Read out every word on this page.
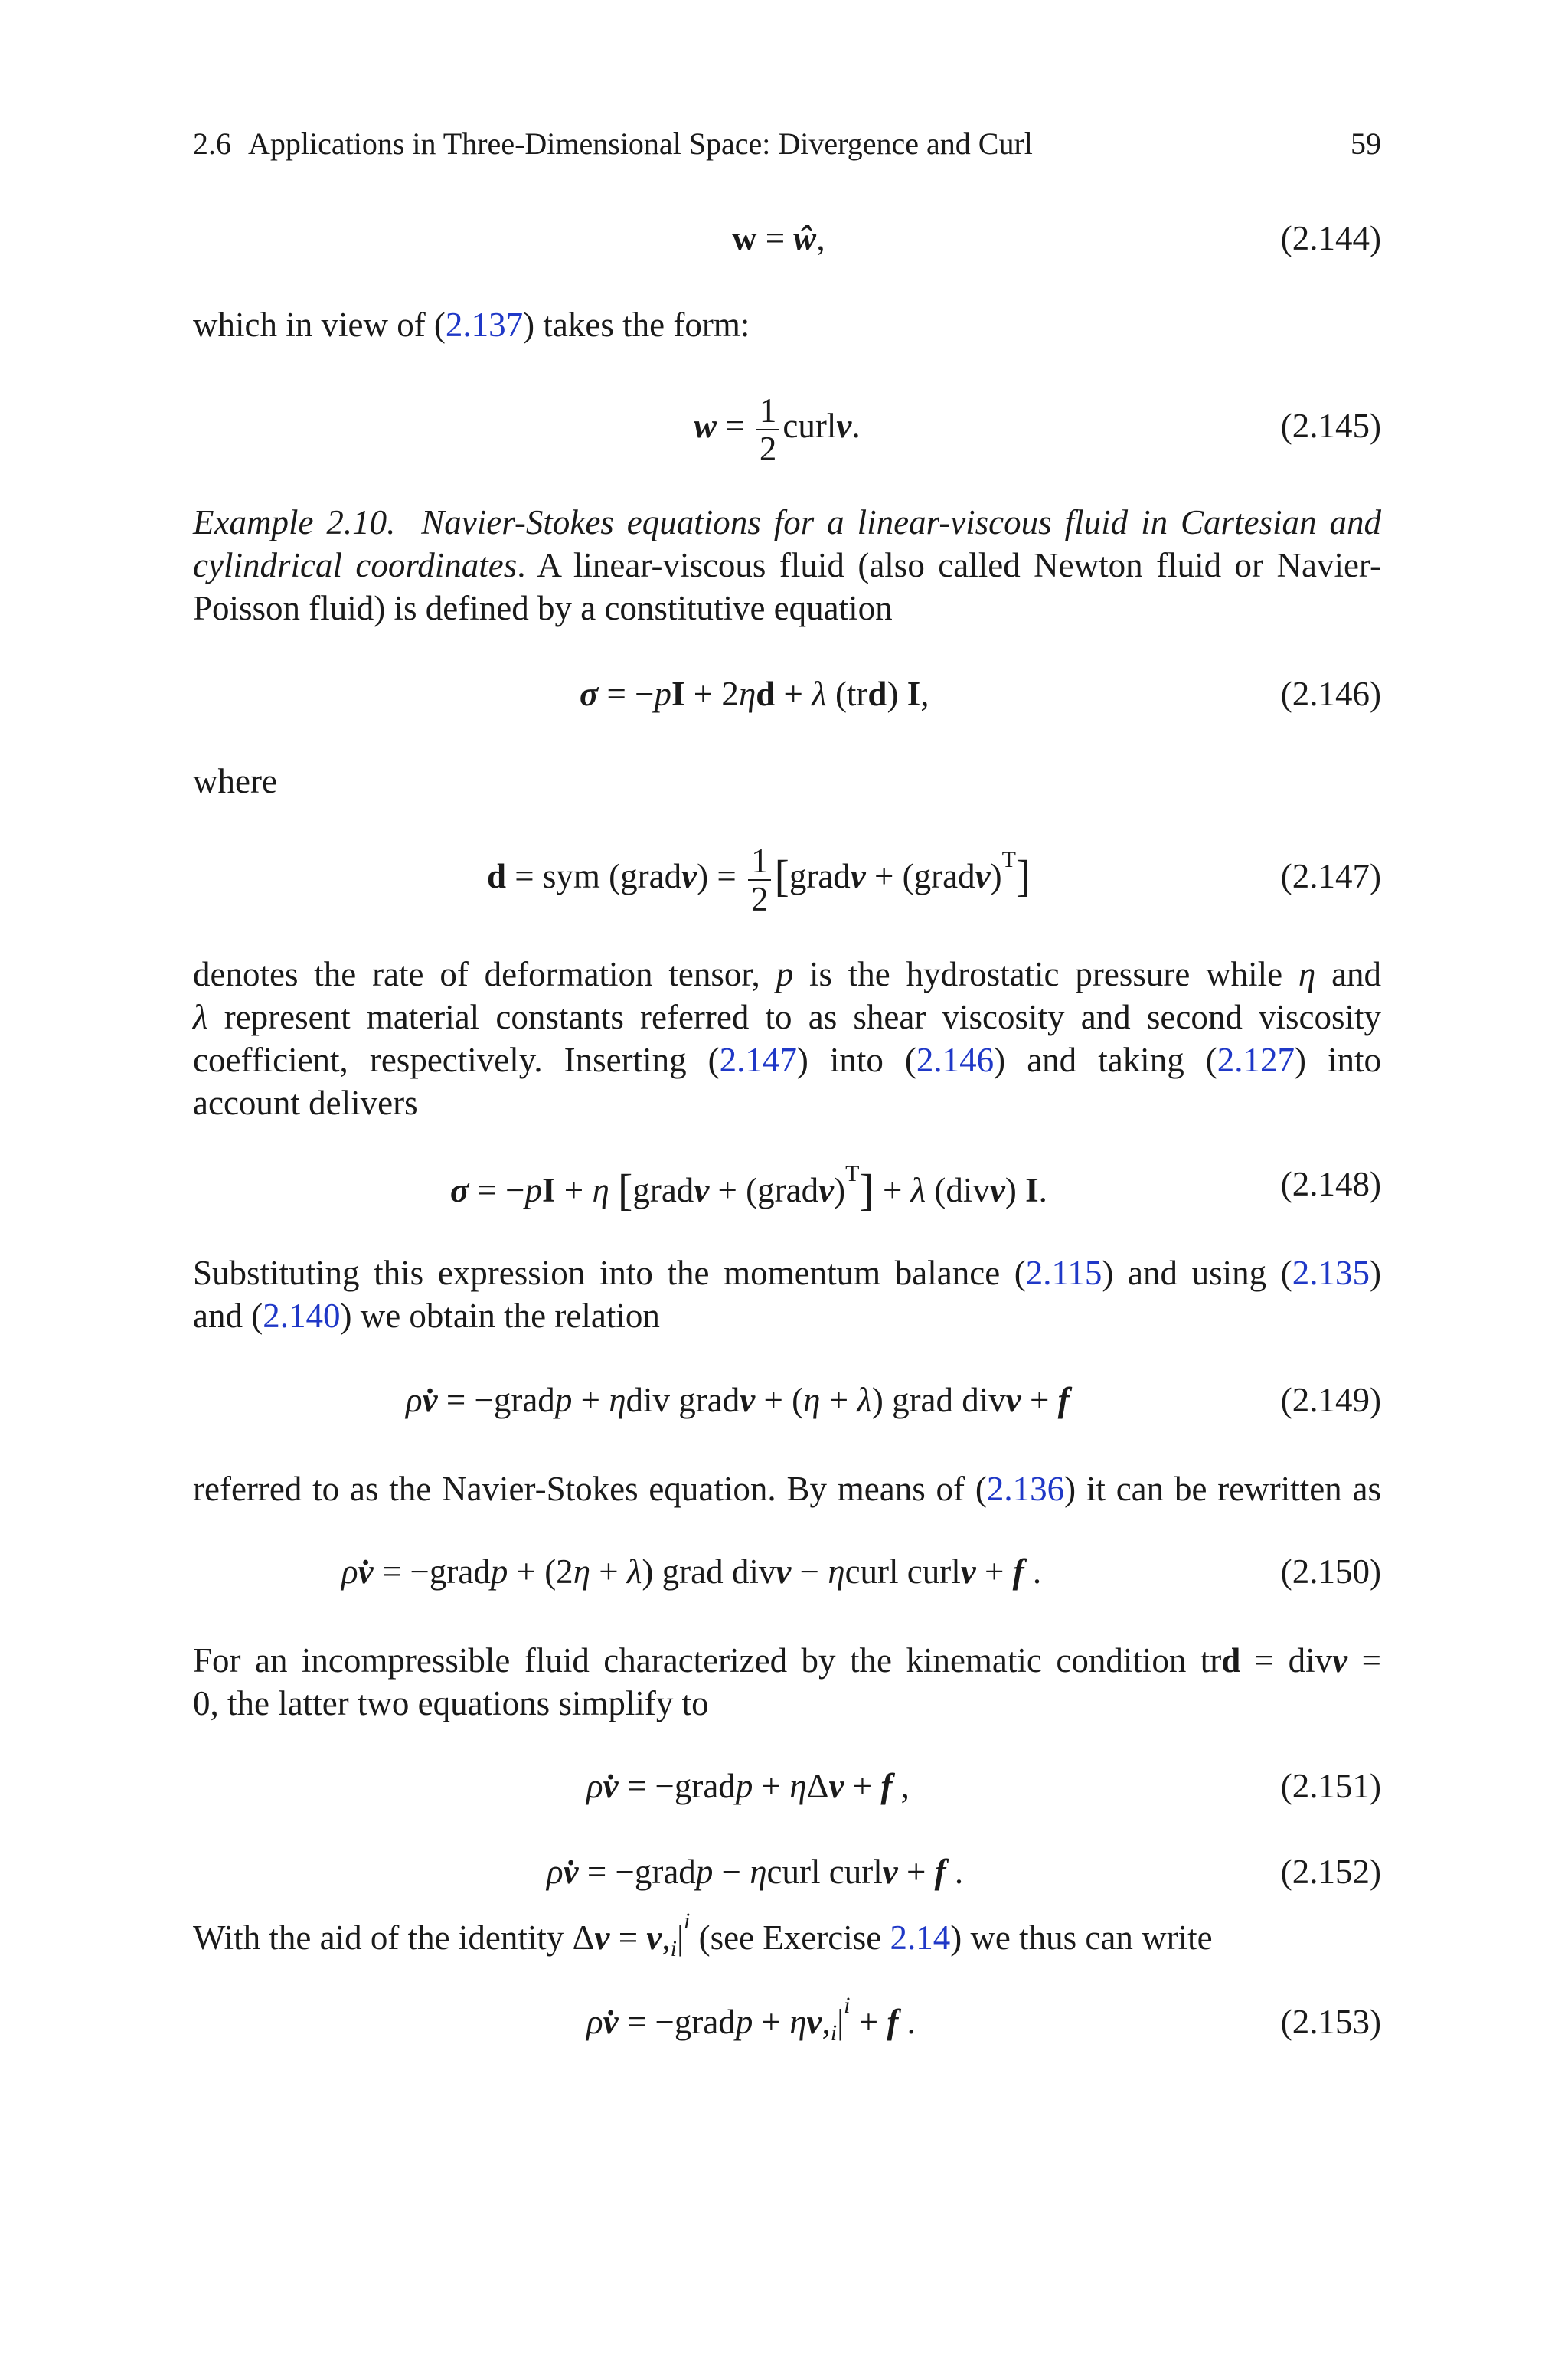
2.6 Applications in Three-Dimensional Space: Divergence and Curl	59
w = ŵ,	(2.144)
which in view of (2.137) takes the form:
$w = \frac{1}{2}$ curlv.	(2.145)
Example 2.10. Navier-Stokes equations for a linear-viscous fluid in Cartesian and
cylindrical coordinates. A linear-viscous fluid (also called Newton fluid or Navier-
Poisson fluid) is defined by a constitutive equation
σ = −pI + 2ηd + λ (trd) I,	(2.146)
where
d = sym (gradv) = $\frac{1}{2}$ [gradv + (gradv)$^T$]	(2.147)
denotes the rate of deformation tensor, p is the hydrostatic pressure while η and
λ represent material constants referred to as shear viscosity and second viscosity
coefficient, respectively. Inserting (2.147) into (2.146) and taking (2.127) into
account delivers
σ = −pI + η [gradv + (gradv)$^T$] + λ (divv) I.	(2.148)
Substituting this expression into the momentum balance (2.115) and using (2.135)
and (2.140) we obtain the relation
ρv̇ = −gradp + ηdiv gradv + (η + λ) grad divv + f	(2.149)
referred to as the Navier-Stokes equation. By means of (2.136) it can be rewritten as
ρv̇ = −gradp + (2η + λ) grad divv − ηcurl curlv + f .	(2.150)
For an incompressible fluid characterized by the kinematic condition trd = divv =
0, the latter two equations simplify to
ρv̇ = −gradp + ηΔv + f ,	(2.151)
ρv̇ = −gradp − ηcurl curlv + f .	(2.152)
With the aid of the identity $\Delta v = v,_i|^i$ (see Exercise 2.14) we thus can write
ρv̇ = −gradp + $\eta v,_i|^i + f$ .	(2.153)
